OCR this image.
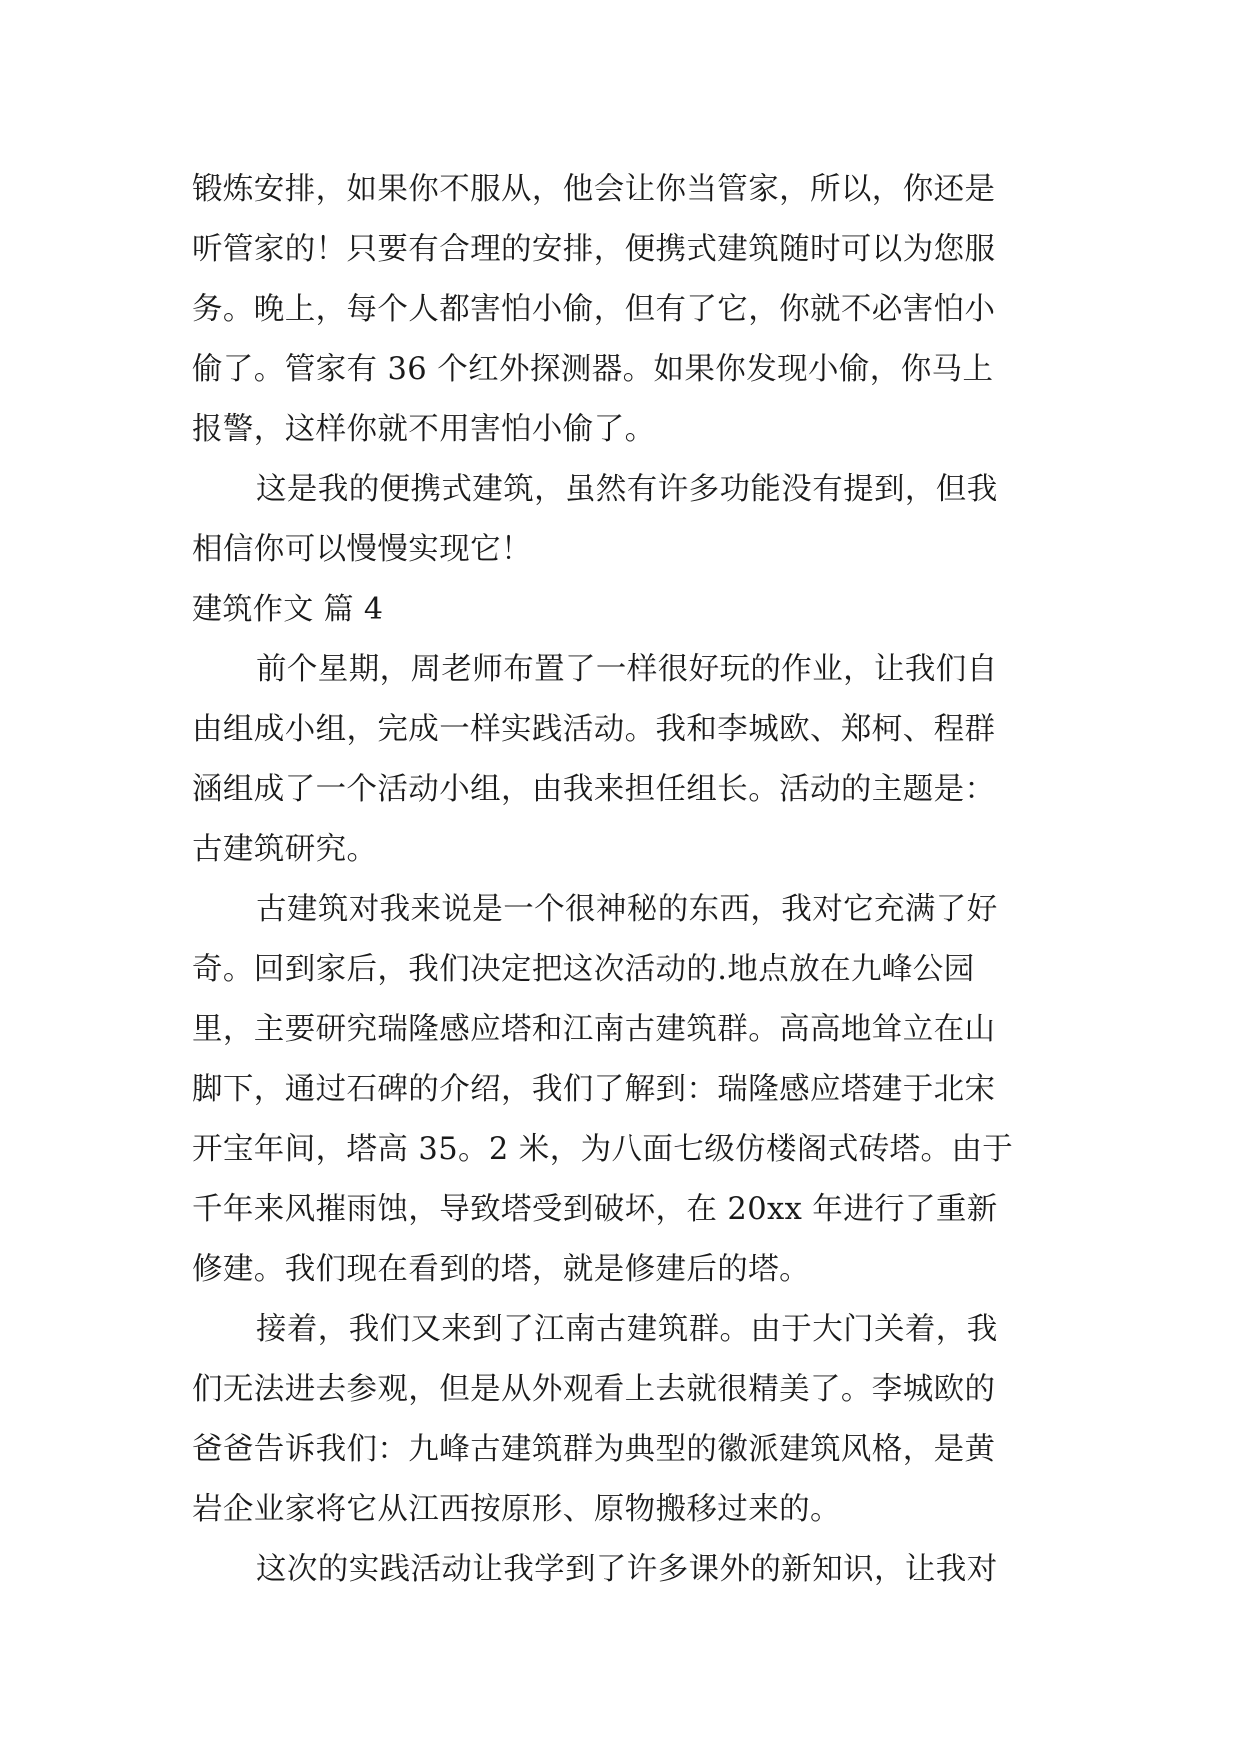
锻炼安排，如果你不服从，他会让你当管家，所以，你还是
听管家的！只要有合理的安排，便携式建筑随时可以为您服
务。晚上，每个人都害怕小偷，但有了它，你就不必害怕小
偷了。管家有 36 个红外探测器。如果你发现小偷，你马上
报警，这样你就不用害怕小偷了。
这是我的便携式建筑，虽然有许多功能没有提到，但我
相信你可以慢慢实现它！
建筑作文 篇 4
前个星期，周老师布置了一样很好玩的作业，让我们自
由组成小组，完成一样实践活动。我和李城欧、郑柯、程群
涵组成了一个活动小组，由我来担任组长。活动的主题是：
古建筑研究。
古建筑对我来说是一个很神秘的东西，我对它充满了好
奇。回到家后，我们决定把这次活动的.地点放在九峰公园
里，主要研究瑞隆感应塔和江南古建筑群。高高地耸立在山
脚下，通过石碑的介绍，我们了解到：瑞隆感应塔建于北宋
开宝年间，塔高 35。2 米，为八面七级仿楼阁式砖塔。由于
千年来风摧雨蚀，导致塔受到破坏，在 20xx 年进行了重新
修建。我们现在看到的塔，就是修建后的塔。
接着，我们又来到了江南古建筑群。由于大门关着，我
们无法进去参观，但是从外观看上去就很精美了。李城欧的
爸爸告诉我们：九峰古建筑群为典型的徽派建筑风格，是黄
岩企业家将它从江西按原形、原物搬移过来的。
这次的实践活动让我学到了许多课外的新知识，让我对
